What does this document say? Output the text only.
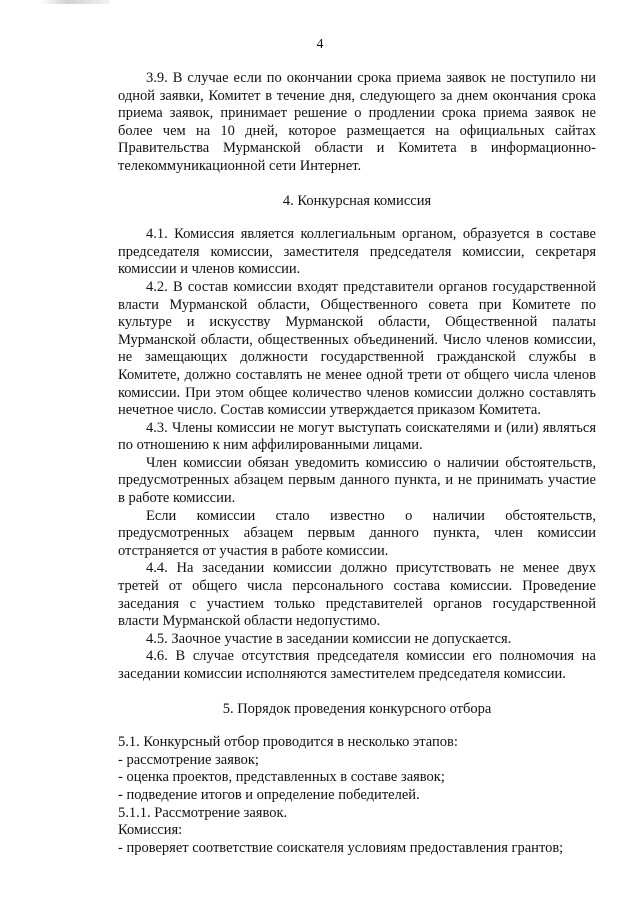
4

3.9. В случае если по окончании срока приема заявок не поступило ни одной заявки, Комитет в течение дня, следующего за днем окончания срока приема заявок, принимает решение о продлении срока приема заявок не более чем на 10 дней, которое размещается на официальных сайтах Правительства Мурманской области и Комитета в информационно-телекоммуникационной сети Интернет.

4. Конкурсная комиссия

4.1. Комиссия является коллегиальным органом, образуется в составе председателя комиссии, заместителя председателя комиссии, секретаря комиссии и членов комиссии.

4.2. В состав комиссии входят представители органов государственной власти Мурманской области, Общественного совета при Комитете по культуре и искусству Мурманской области, Общественной палаты Мурманской области, общественных объединений. Число членов комиссии, не замещающих должности государственной гражданской службы в Комитете, должно составлять не менее одной трети от общего числа членов комиссии. При этом общее количество членов комиссии должно составлять нечетное число. Состав комиссии утверждается приказом Комитета.

4.3. Члены комиссии не могут выступать соискателями и (или) являться по отношению к ним аффилированными лицами.

Член комиссии обязан уведомить комиссию о наличии обстоятельств, предусмотренных абзацем первым данного пункта, и не принимать участие в работе комиссии.

Если комиссии стало известно о наличии обстоятельств, предусмотренных абзацем первым данного пункта, член комиссии отстраняется от участия в работе комиссии.

4.4. На заседании комиссии должно присутствовать не менее двух третей от общего числа персонального состава комиссии. Проведение заседания с участием только представителей органов государственной власти Мурманской области недопустимо.

4.5. Заочное участие в заседании комиссии не допускается.

4.6. В случае отсутствия председателя комиссии его полномочия на заседании комиссии исполняются заместителем председателя комиссии.

5. Порядок проведения конкурсного отбора

5.1. Конкурсный отбор проводится в несколько этапов:

- рассмотрение заявок;

- оценка проектов, представленных в составе заявок;

- подведение итогов и определение победителей.

5.1.1. Рассмотрение заявок.

Комиссия:

- проверяет соответствие соискателя условиям предоставления грантов;
